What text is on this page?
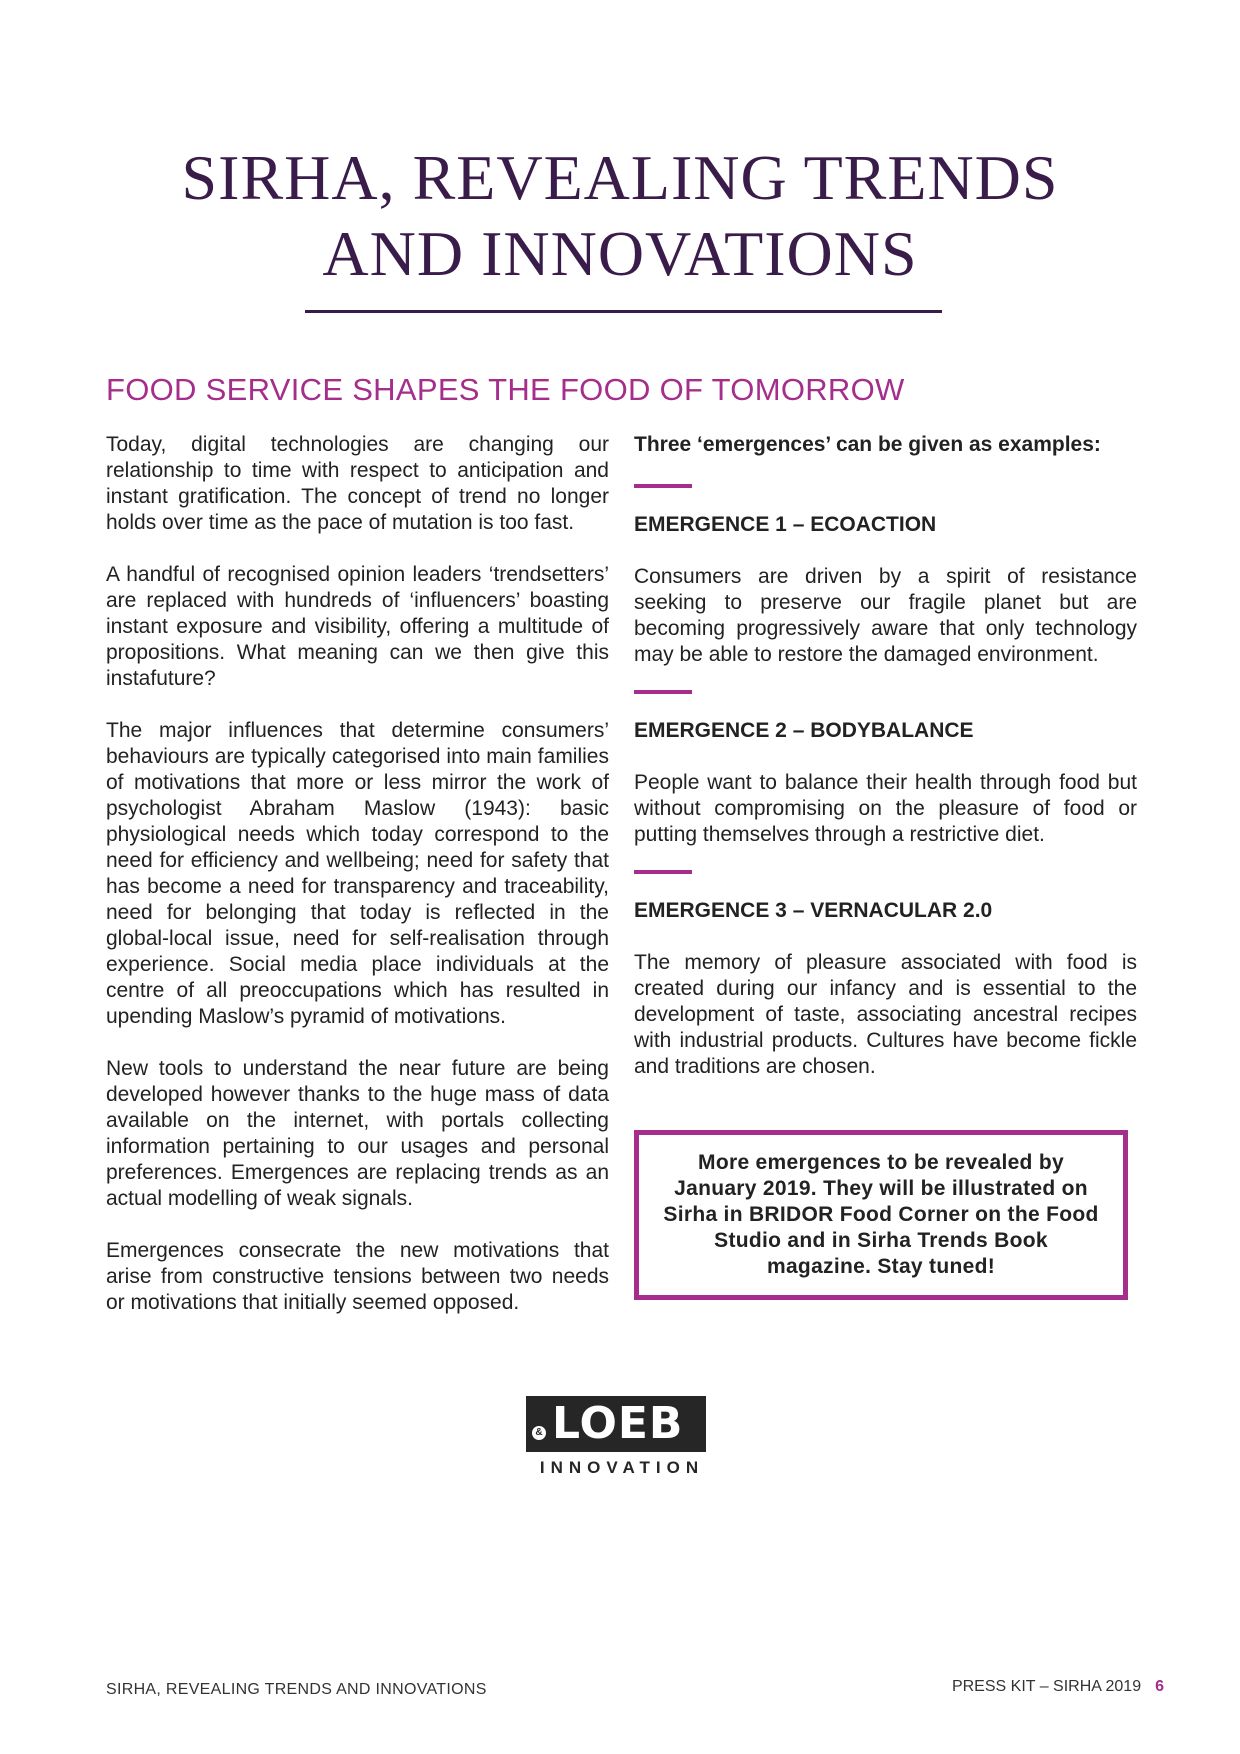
SIRHA, REVEALING TRENDS
AND INNOVATIONS
FOOD SERVICE SHAPES THE FOOD OF TOMORROW

Today, digital technologies are changing our relationship to time with respect to anticipation and instant gratification. The concept of trend no longer holds over time as the pace of mutation is too fast.

A handful of recognised opinion leaders ‘trendsetters’ are replaced with hundreds of ‘influencers’ boasting instant exposure and visibility, offering a multitude of propositions. What meaning can we then give this instafuture?

The major influences that determine consumers’ behaviours are typically categorised into main families of motivations that more or less mirror the work of psychologist Abraham Maslow (1943): basic physiological needs which today correspond to the need for efficiency and wellbeing; need for safety that has become a need for transparency and traceability, need for belonging that today is reflected in the global-local issue, need for self-realisation through experience. Social media place individuals at the centre of all preoccupations which has resulted in upending Maslow’s pyramid of motivations.

New tools to understand the near future are being developed however thanks to the huge mass of data available on the internet, with portals collecting information pertaining to our usages and personal preferences. Emergences are replacing trends as an actual modelling of weak signals.

Emergences consecrate the new motivations that arise from constructive tensions between two needs or motivations that initially seemed opposed.

Three ‘emergences’ can be given as examples:

EMERGENCE 1 – ECOACTION

Consumers are driven by a spirit of resistance seeking to preserve our fragile planet but are becoming progressively aware that only technology may be able to restore the damaged environment.

EMERGENCE 2 – BODYBALANCE

People want to balance their health through food but without compromising on the pleasure of food or putting themselves through a restrictive diet.

EMERGENCE 3 – VERNACULAR 2.0

The memory of pleasure associated with food is created during our infancy and is essential to the development of taste, associating ancestral recipes with industrial products. Cultures have become fickle and traditions are chosen.

More emergences to be revealed by January 2019. They will be illustrated on Sirha in BRIDOR Food Corner on the Food Studio and in Sirha Trends Book magazine. Stay tuned!

& LOEB
INNOVATION
SIRHA, REVEALING TRENDS AND INNOVATIONS	PRESS KIT – SIRHA 2019 6
